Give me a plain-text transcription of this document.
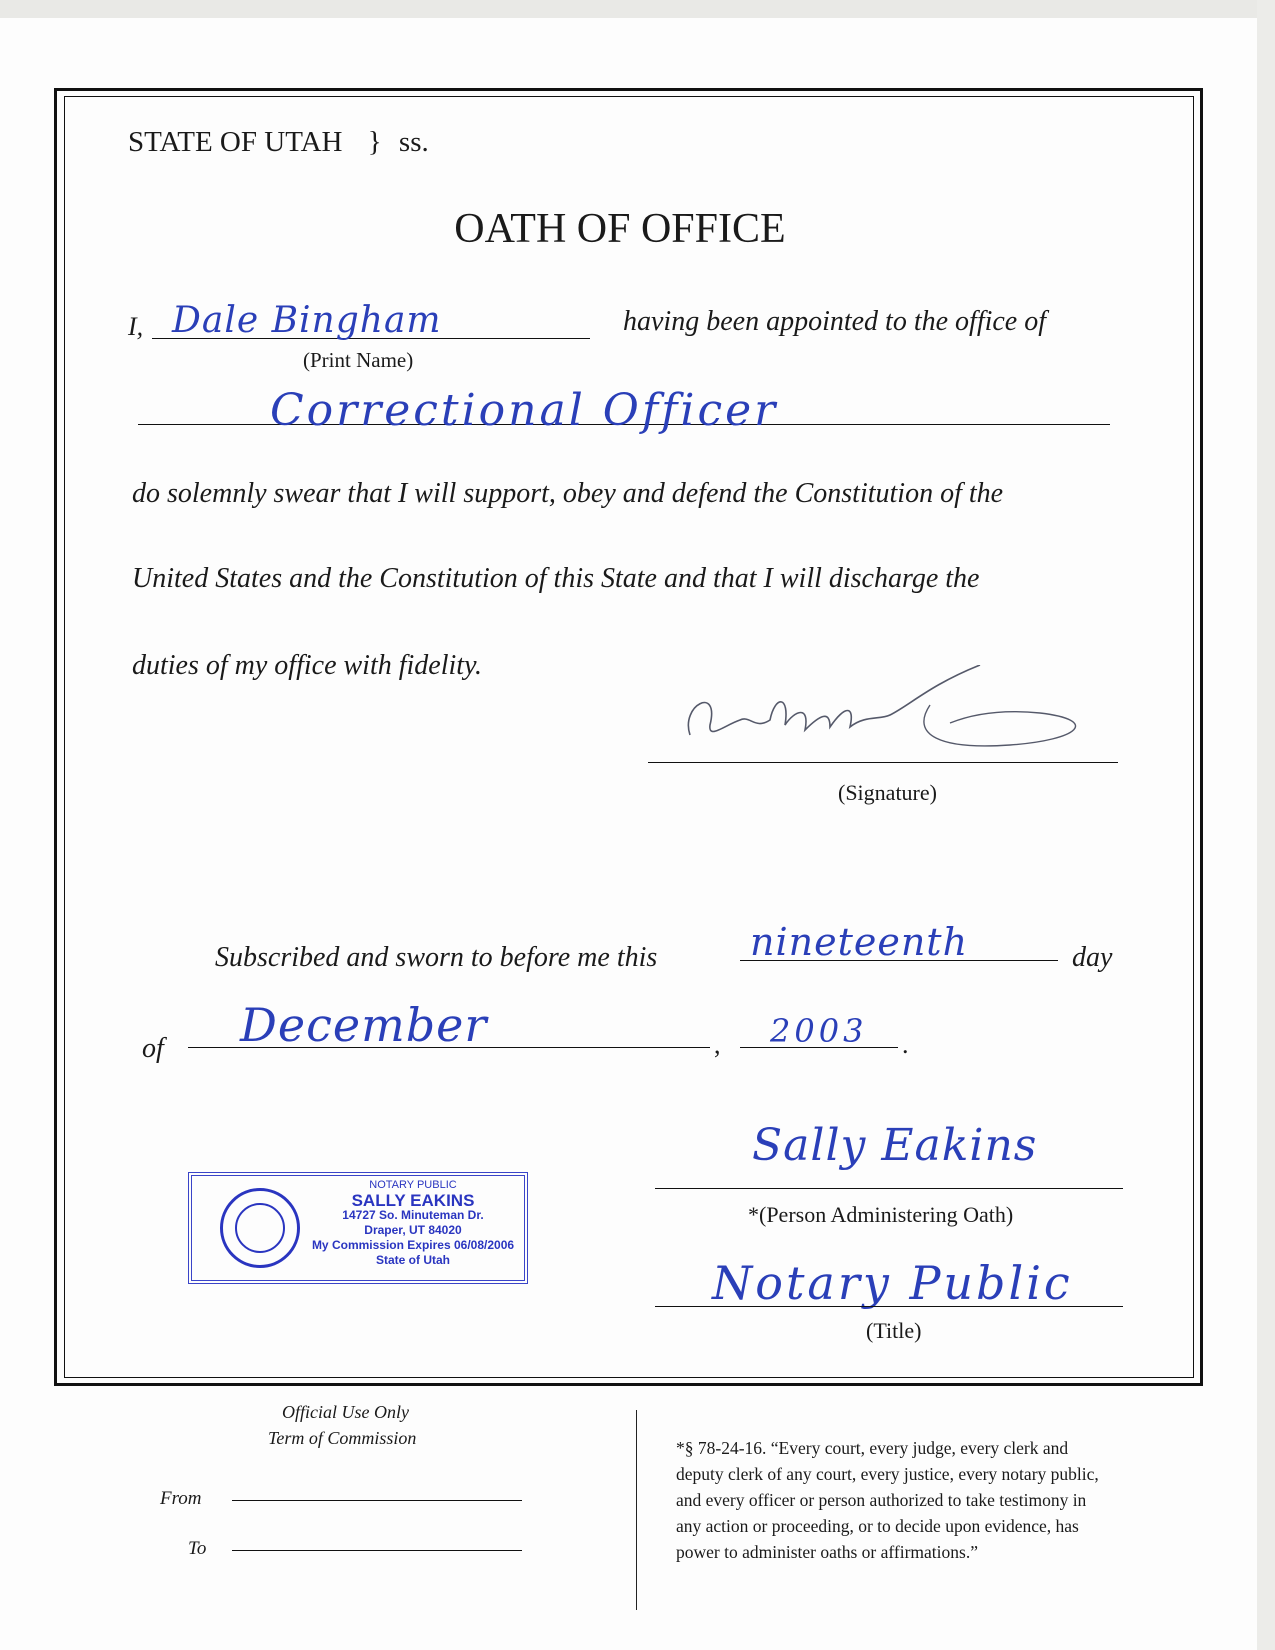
STATE OF UTAH } ss.
OATH OF OFFICE
I, Dale Bingham
(Print Name)
having been appointed to the office of
Correctional Officer
do solemnly swear that I will support, obey and defend the Constitution of the
United States and the Constitution of this State and that I will discharge the
duties of my office with fidelity.
Dale F Bingham
(Signature)
Subscribed and sworn to before me this nineteenth	day
of December	, 2003 .
Sally Eakins
*(Person Administering Oath)
Notary Public
(Title)
NOTARY PUBLIC
SALLY EAKINS
14727 So. Minuteman Dr.
Draper, UT 84020
My Commission Expires 06/08/2006
State of Utah
Official Use Only
Term of Commission
From
To
*§ 78-24-16. “Every court, every judge, every clerk and
deputy clerk of any court, every justice, every notary public,
and every officer or person authorized to take testimony in
any action or proceeding, or to decide upon evidence, has
power to administer oaths or affirmations.”
